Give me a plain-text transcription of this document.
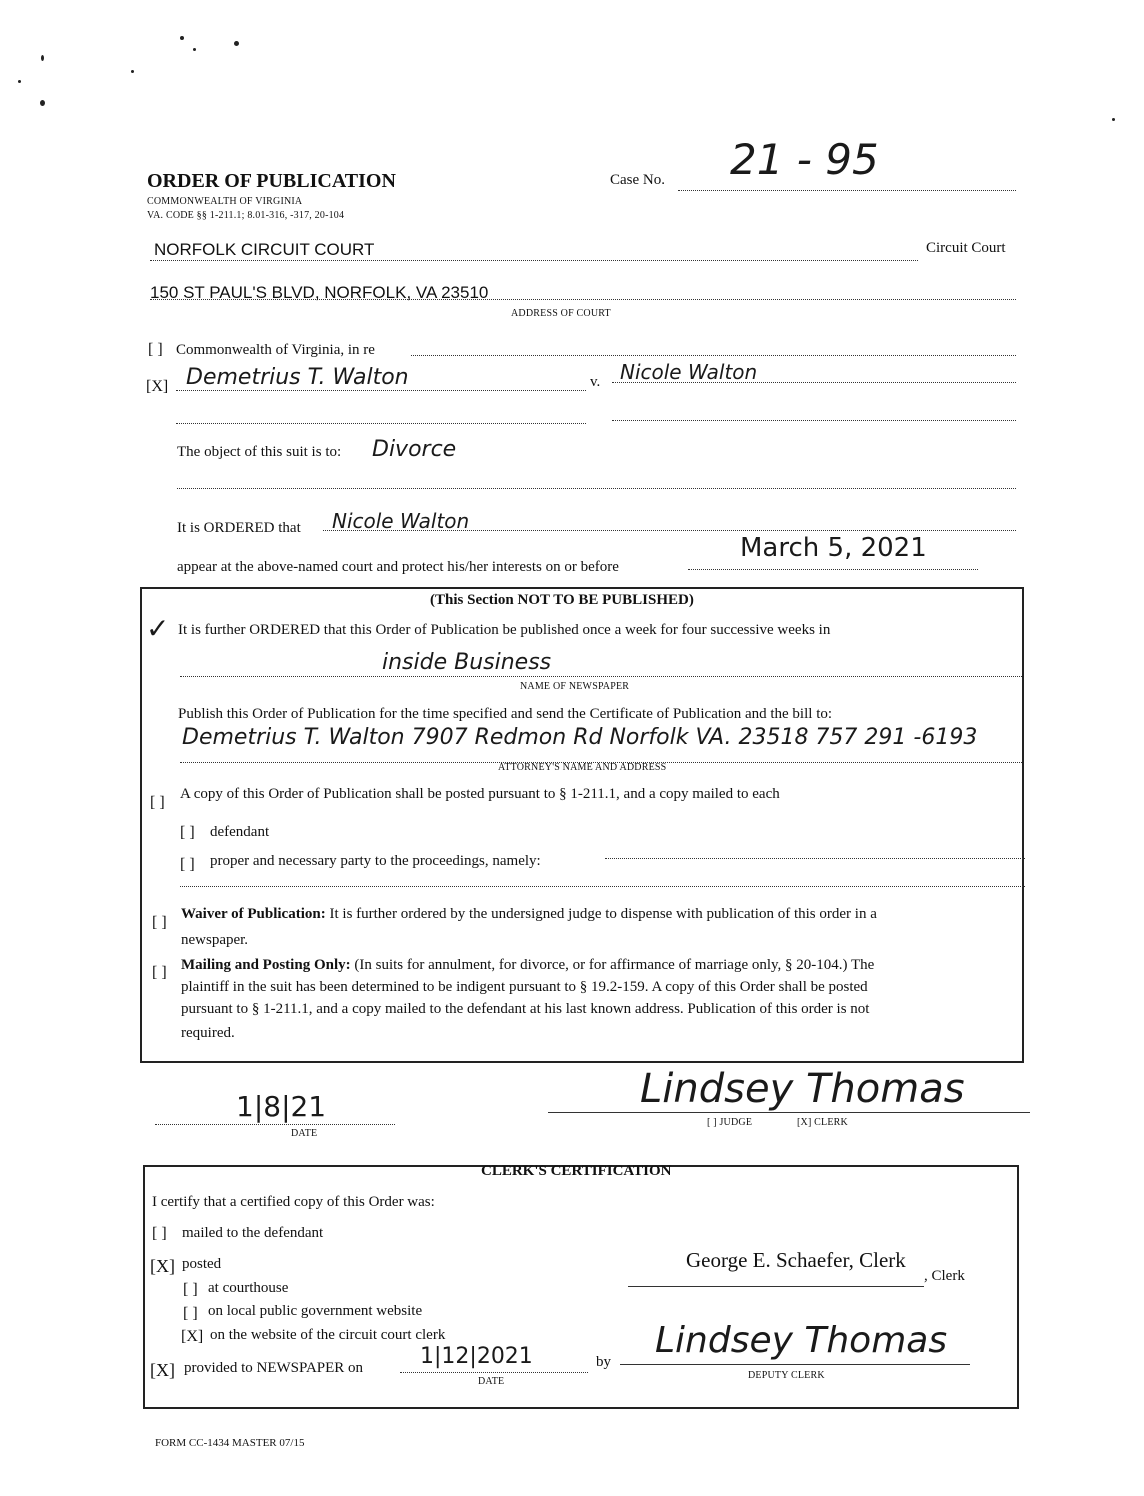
ORDER OF PUBLICATION
COMMONWEALTH OF VIRGINIA
VA. CODE §§ 1-211.1; 8.01-316, -317, 20-104
Case No. 21 - 95
NORFOLK CIRCUIT COURT	Circuit Court
150 ST PAUL'S BLVD, NORFOLK, VA 23510
ADDRESS OF COURT
[ ] Commonwealth of Virginia, in re
[X] Demetrius T. Walton	v. Nicole Walton
The object of this suit is to: Divorce
It is ORDERED that Nicole Walton
appear at the above-named court and protect his/her interests on or before
March 5, 2021
(This Section NOT TO BE PUBLISHED)
✓ It is further ORDERED that this Order of Publication be published once a week for four successive weeks in
inside Business
NAME OF NEWSPAPER
Publish this Order of Publication for the time specified and send the Certificate of Publication and the bill to:
Demetrius T. Walton 7907 Redmon Rd Norfolk VA. 23518 757 291 -6193
ATTORNEY'S NAME AND ADDRESS
[ ] A copy of this Order of Publication shall be posted pursuant to § 1-211.1, and a copy mailed to each
[ ] defendant
[ ] proper and necessary party to the proceedings, namely:
[ ] Waiver of Publication: It is further ordered by the undersigned judge to dispense with publication of this order in a
newspaper.
[ ] Mailing and Posting Only: (In suits for annulment, for divorce, or for affirmance of marriage only, § 20-104.) The
plaintiff in the suit has been determined to be indigent pursuant to § 19.2-159. A copy of this Order shall be posted
pursuant to § 1-211.1, and a copy mailed to the defendant at his last known address. Publication of this order is not
required.
1|8|21
DATE
Lindsey Thomas
[ ] JUDGE	[X] CLERK
CLERK'S CERTIFICATION
I certify that a certified copy of this Order was:
[ ] mailed to the defendant
[X] posted
[ ] at courthouse
[ ] on local public government website
[X] on the website of the circuit court clerk
[X] provided to NEWSPAPER on	1|12|2021
DATE
by
George E. Schaefer, Clerk
, Clerk
Lindsey Thomas
DEPUTY CLERK
FORM CC-1434 MASTER 07/15
